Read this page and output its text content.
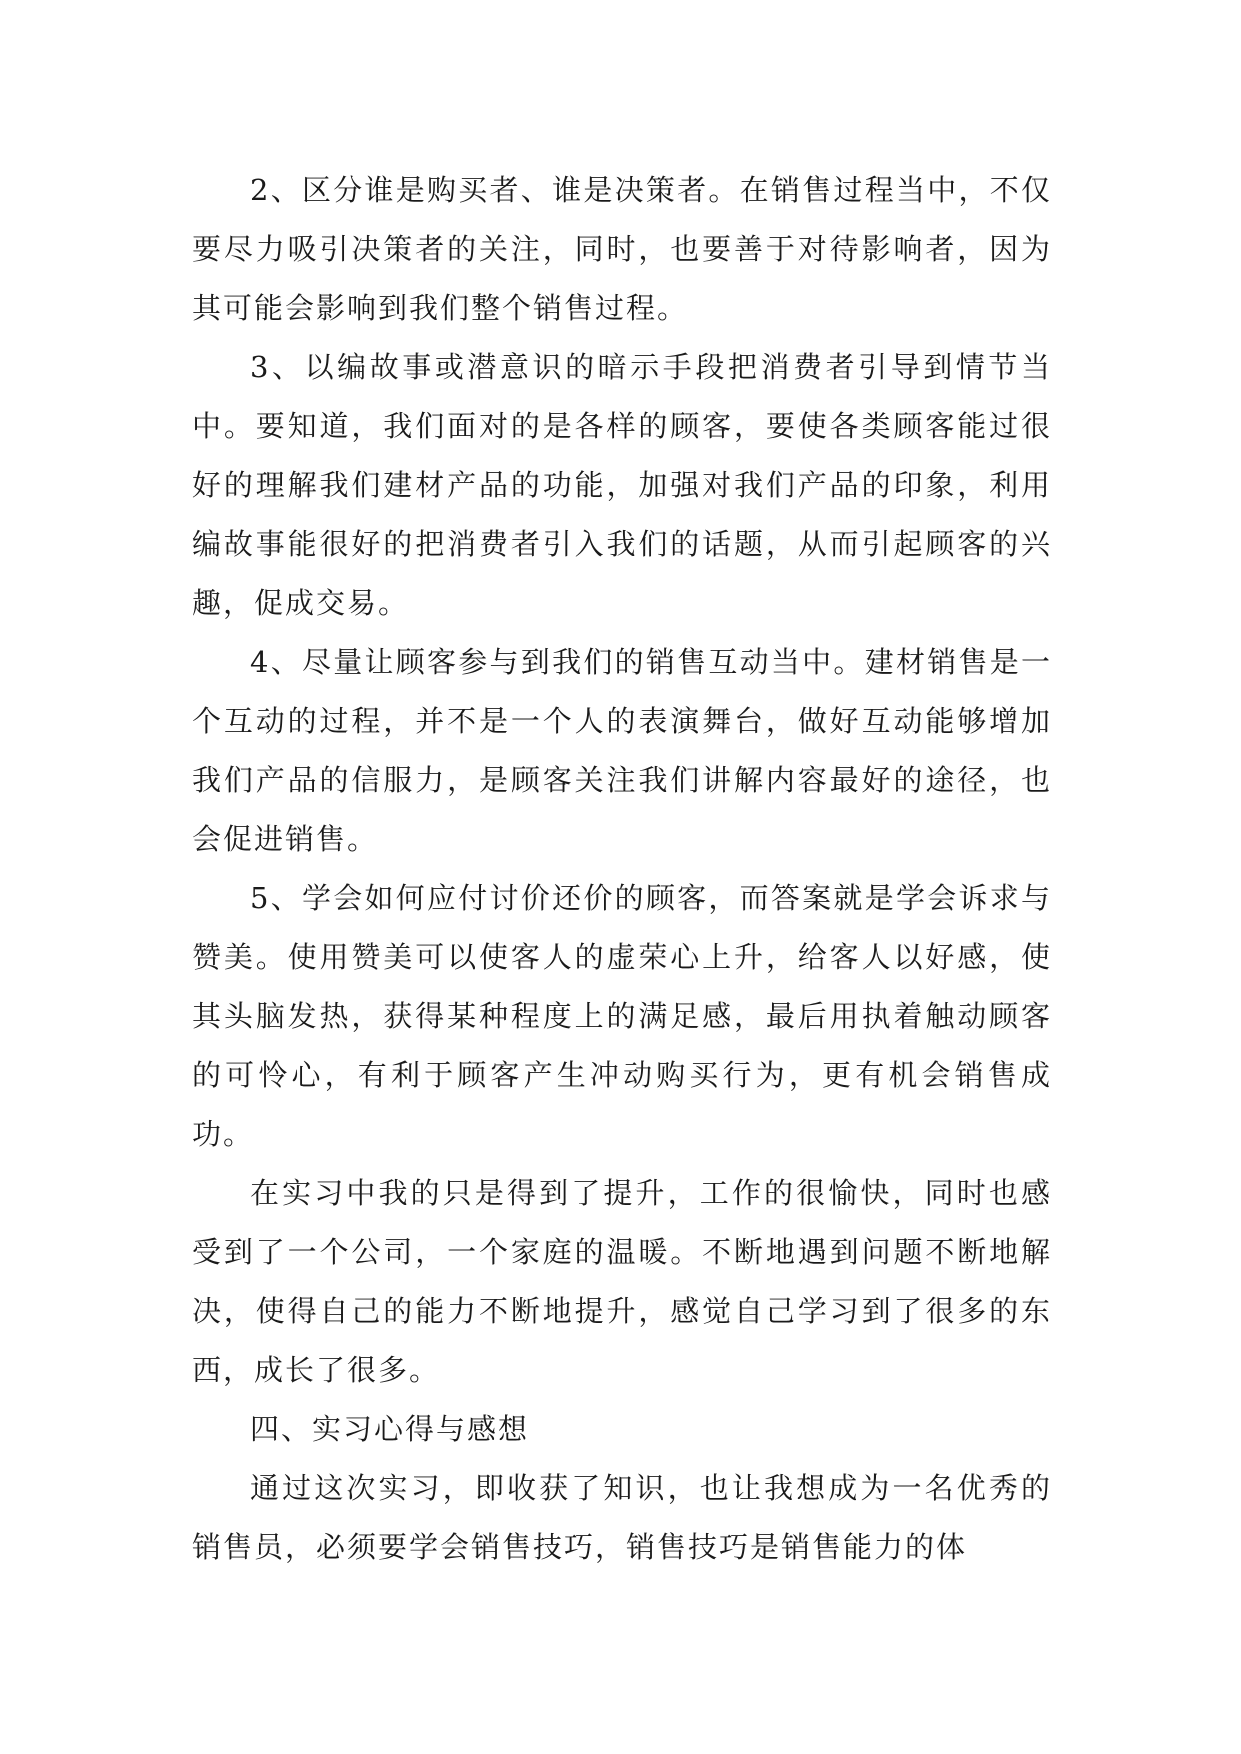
2、区分谁是购买者、谁是决策者。在销售过程当中，不仅要尽力吸引决策者的关注，同时，也要善于对待影响者，因为其可能会影响到我们整个销售过程。

3、以编故事或潜意识的暗示手段把消费者引导到情节当中。要知道，我们面对的是各样的顾客，要使各类顾客能过很好的理解我们建材产品的功能，加强对我们产品的印象，利用编故事能很好的把消费者引入我们的话题，从而引起顾客的兴趣，促成交易。

4、尽量让顾客参与到我们的销售互动当中。建材销售是一个互动的过程，并不是一个人的表演舞台，做好互动能够增加我们产品的信服力，是顾客关注我们讲解内容最好的途径，也会促进销售。

5、学会如何应付讨价还价的顾客，而答案就是学会诉求与赞美。使用赞美可以使客人的虚荣心上升，给客人以好感，使其头脑发热，获得某种程度上的满足感，最后用执着触动顾客的可怜心，有利于顾客产生冲动购买行为，更有机会销售成功。

在实习中我的只是得到了提升，工作的很愉快，同时也感受到了一个公司，一个家庭的温暖。不断地遇到问题不断地解决，使得自己的能力不断地提升，感觉自己学习到了很多的东西，成长了很多。

四、实习心得与感想

通过这次实习，即收获了知识，也让我想成为一名优秀的销售员，必须要学会销售技巧，销售技巧是销售能力的体
